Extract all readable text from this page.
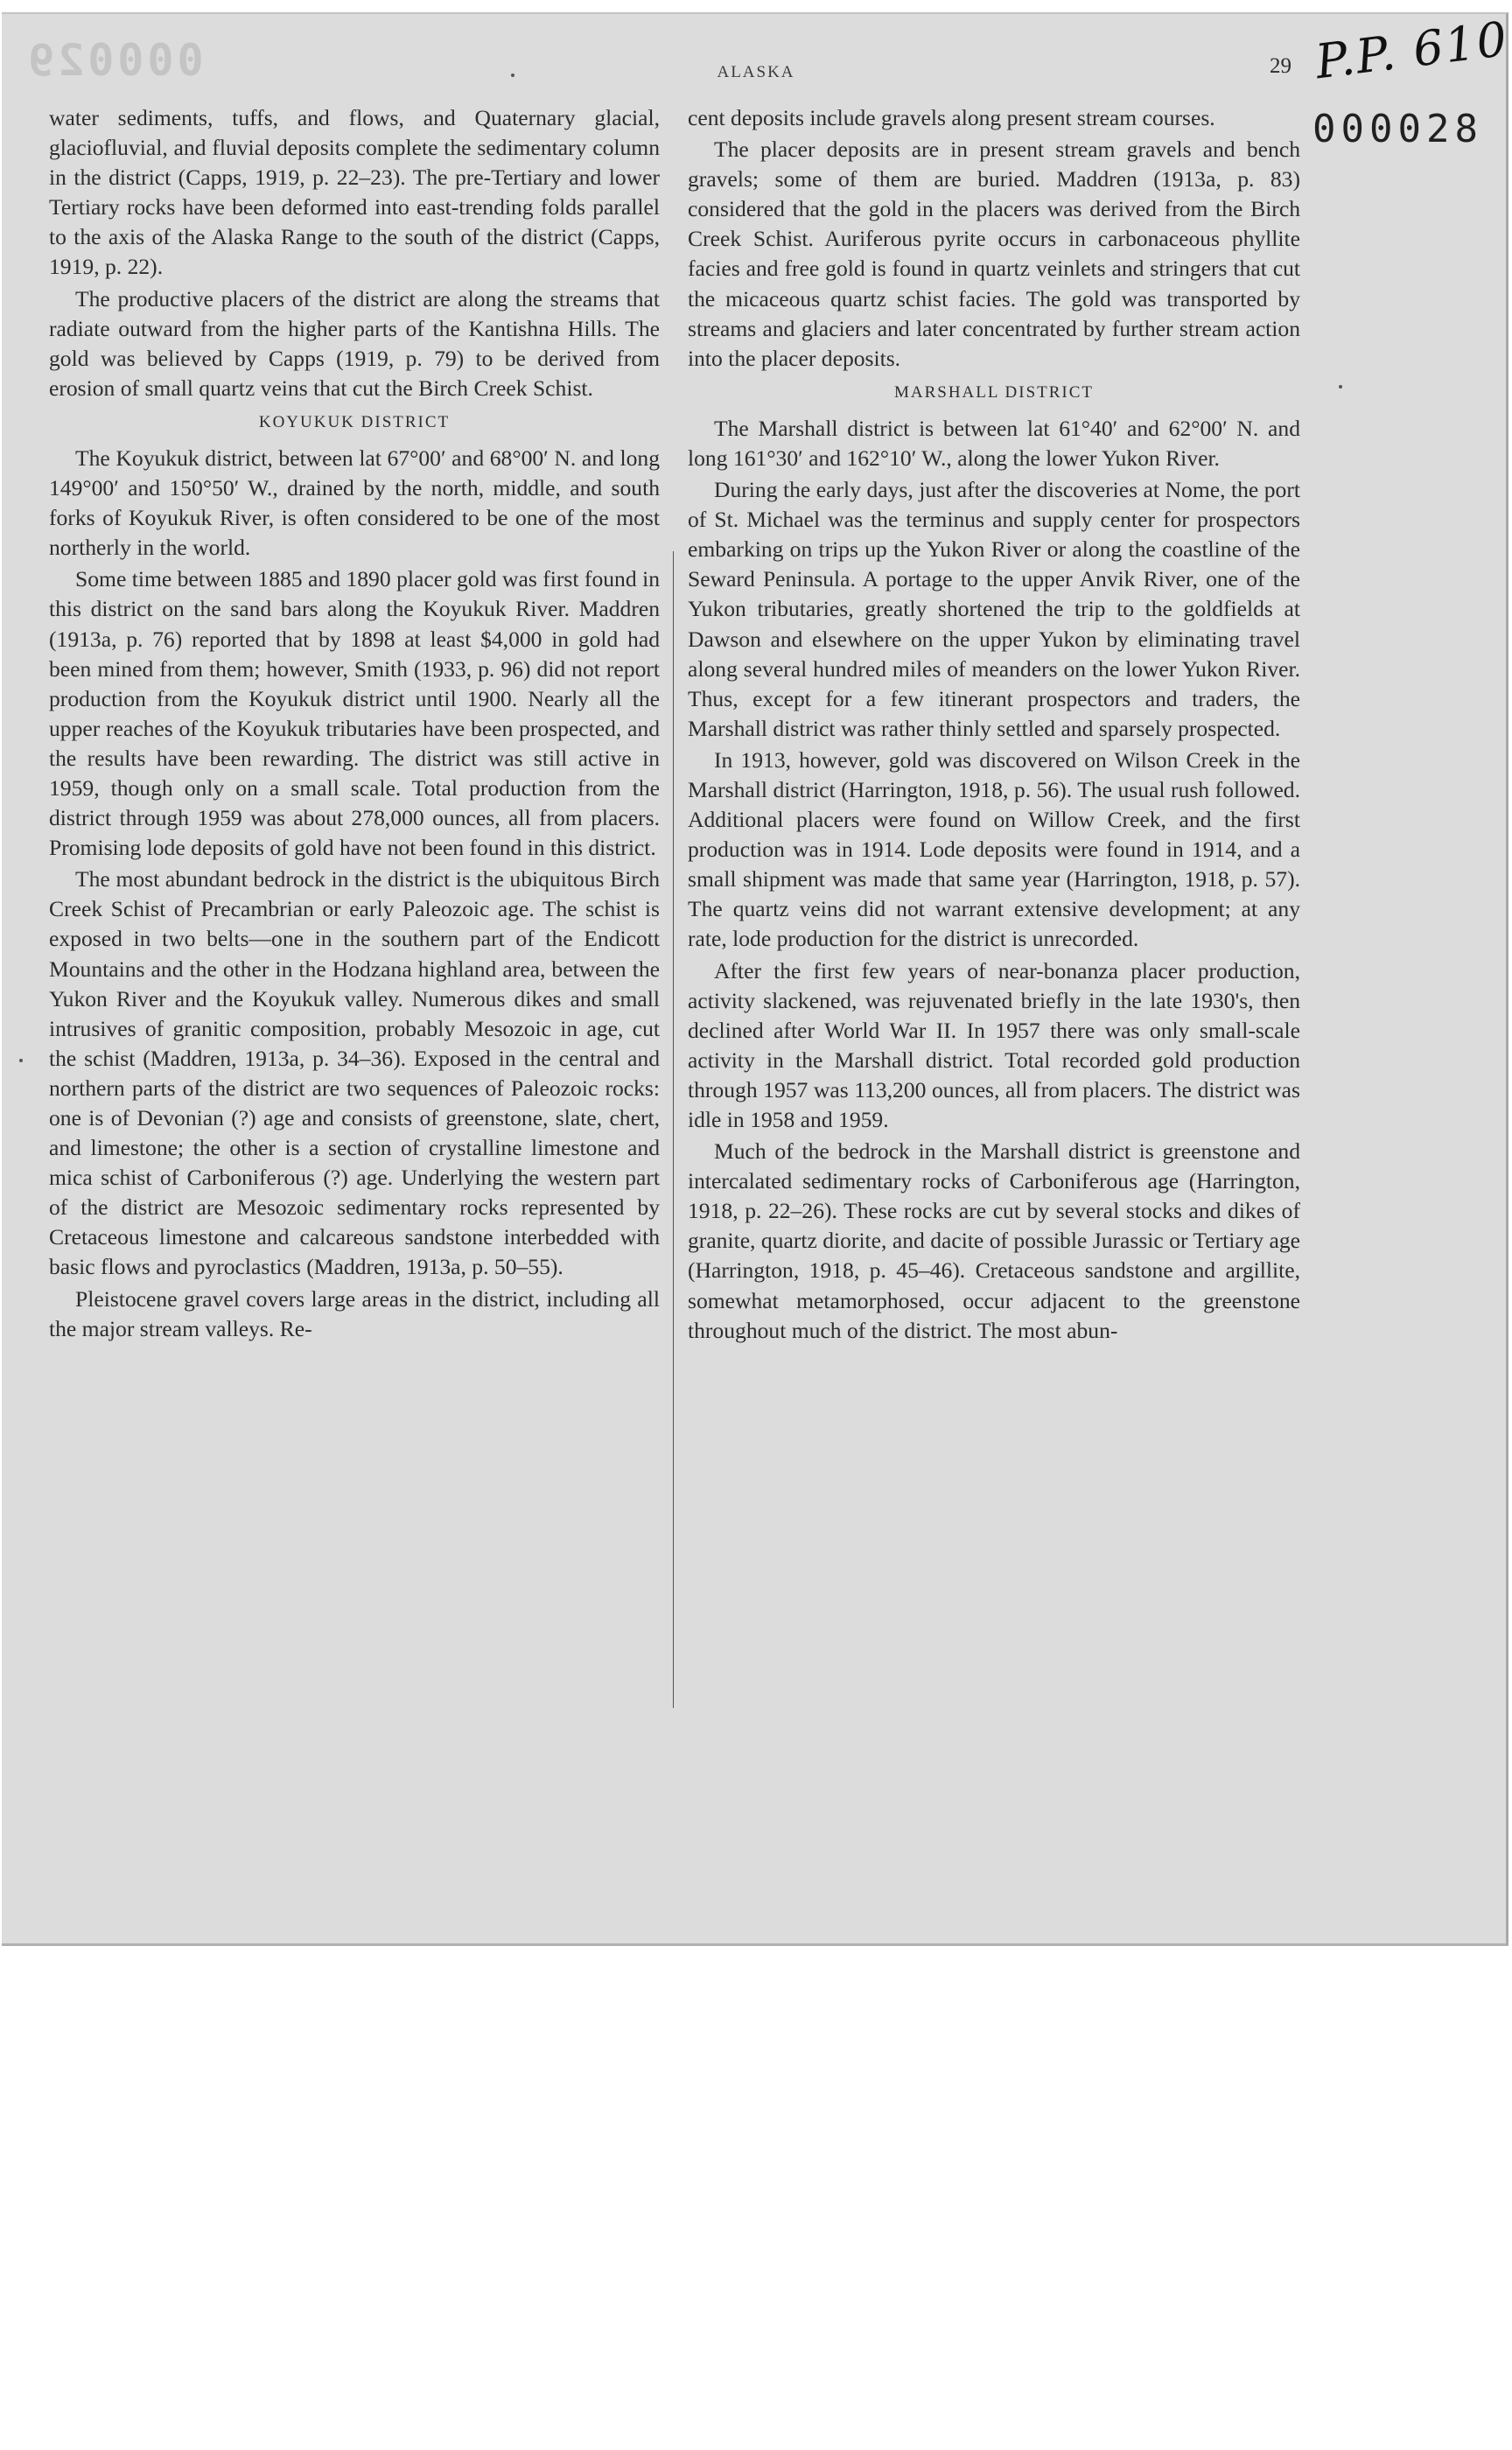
000029	ALASKA	29 P.P. 610
000028

water sediments, tuffs, and flows, and Quaternary glacial, glaciofluvial, and fluvial deposits complete the sedimentary column in the district (Capps, 1919, p. 22–23). The pre-Tertiary and lower Tertiary rocks have been deformed into east-trending folds parallel to the axis of the Alaska Range to the south of the district (Capps, 1919, p. 22).

The productive placers of the district are along the streams that radiate outward from the higher parts of the Kantishna Hills. The gold was believed by Capps (1919, p. 79) to be derived from erosion of small quartz veins that cut the Birch Creek Schist.

KOYUKUK DISTRICT

The Koyukuk district, between lat 67°00′ and 68°00′ N. and long 149°00′ and 150°50′ W., drained by the north, middle, and south forks of Koyukuk River, is often considered to be one of the most northerly in the world.

Some time between 1885 and 1890 placer gold was first found in this district on the sand bars along the Koyukuk River. Maddren (1913a, p. 76) reported that by 1898 at least $4,000 in gold had been mined from them; however, Smith (1933, p. 96) did not report production from the Koyukuk district until 1900. Nearly all the upper reaches of the Koyukuk tributaries have been prospected, and the results have been rewarding. The district was still active in 1959, though only on a small scale. Total production from the district through 1959 was about 278,000 ounces, all from placers. Promising lode deposits of gold have not been found in this district.

The most abundant bedrock in the district is the ubiquitous Birch Creek Schist of Precambrian or early Paleozoic age. The schist is exposed in two belts—one in the southern part of the Endicott Mountains and the other in the Hodzana highland area, between the Yukon River and the Koyukuk valley. Numerous dikes and small intrusives of granitic composition, probably Mesozoic in age, cut the schist (Maddren, 1913a, p. 34–36). Exposed in the central and northern parts of the district are two sequences of Paleozoic rocks: one is of Devonian (?) age and consists of greenstone, slate, chert, and limestone; the other is a section of crystalline limestone and mica schist of Carboniferous (?) age. Underlying the western part of the district are Mesozoic sedimentary rocks represented by Cretaceous limestone and calcareous sandstone interbedded with basic flows and pyroclastics (Maddren, 1913a, p. 50–55).

Pleistocene gravel covers large areas in the district, including all the major stream valleys. Re-

cent deposits include gravels along present stream courses.

The placer deposits are in present stream gravels and bench gravels; some of them are buried. Maddren (1913a, p. 83) considered that the gold in the placers was derived from the Birch Creek Schist. Auriferous pyrite occurs in carbonaceous phyllite facies and free gold is found in quartz veinlets and stringers that cut the micaceous quartz schist facies. The gold was transported by streams and glaciers and later concentrated by further stream action into the placer deposits.

MARSHALL DISTRICT

The Marshall district is between lat 61°40′ and 62°00′ N. and long 161°30′ and 162°10′ W., along the lower Yukon River.

During the early days, just after the discoveries at Nome, the port of St. Michael was the terminus and supply center for prospectors embarking on trips up the Yukon River or along the coastline of the Seward Peninsula. A portage to the upper Anvik River, one of the Yukon tributaries, greatly shortened the trip to the goldfields at Dawson and elsewhere on the upper Yukon by eliminating travel along several hundred miles of meanders on the lower Yukon River. Thus, except for a few itinerant prospectors and traders, the Marshall district was rather thinly settled and sparsely prospected.

In 1913, however, gold was discovered on Wilson Creek in the Marshall district (Harrington, 1918, p. 56). The usual rush followed. Additional placers were found on Willow Creek, and the first production was in 1914. Lode deposits were found in 1914, and a small shipment was made that same year (Harrington, 1918, p. 57). The quartz veins did not warrant extensive development; at any rate, lode production for the district is unrecorded.

After the first few years of near-bonanza placer production, activity slackened, was rejuvenated briefly in the late 1930's, then declined after World War II. In 1957 there was only small-scale activity in the Marshall district. Total recorded gold production through 1957 was 113,200 ounces, all from placers. The district was idle in 1958 and 1959.

Much of the bedrock in the Marshall district is greenstone and intercalated sedimentary rocks of Carboniferous age (Harrington, 1918, p. 22–26). These rocks are cut by several stocks and dikes of granite, quartz diorite, and dacite of possible Jurassic or Tertiary age (Harrington, 1918, p. 45–46). Cretaceous sandstone and argillite, somewhat metamorphosed, occur adjacent to the greenstone throughout much of the district. The most abun-
